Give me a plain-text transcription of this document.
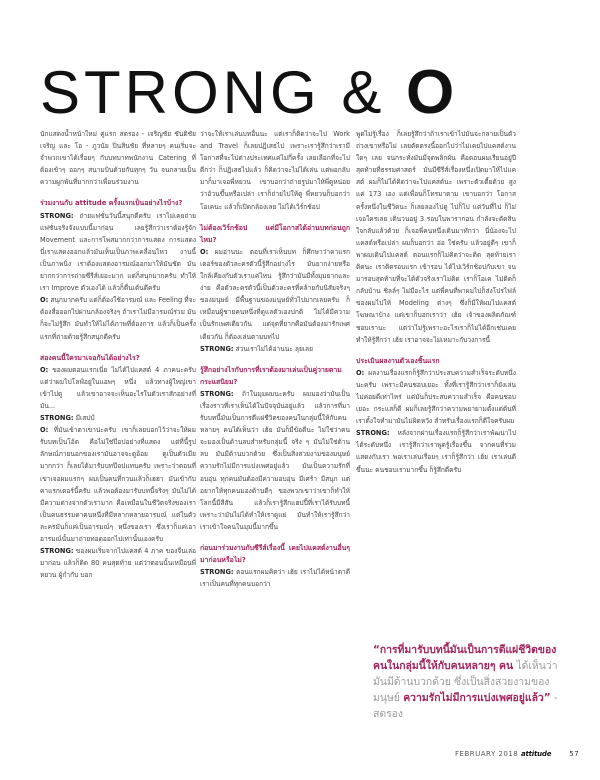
STRONG & O

นักแสดงน้ำหน้าใหม่ คู่แรก สตรอง - เจริญชัย ชันติชัยเจริญ และ โอ - ภูวนัย ปิ่นสินชัย ที่หลายๆ คนเริ่มจะจำพวกเขาได้เรื่อยๆ กับบทบาทพนักงาน Catering ที่ต้องเข้าๆ ออกๆ สนามบินด้วยกันทุกๆ วัน จนกลายเป็นความผูกพันที่มากกว่าเพื่อนร่วมงาน

ร่วมงานกับ attitude ครั้งแรกเป็นอย่างไรบ้าง?

STRONG: ถ่ายแฟชั่นวันนี้สนุกดีครับ เราไม่เคยถ่ายแฟชั่นจริงจังแบบนี้มาก่อน เลยรู้สึกว่าเราต้องรู้จัก Movement และการโพสมากกว่าการแสดง การแสดงนี่เราแสดงออกแล้วมันเห็นเป็นภาพเคลื่อนไหว งานนี้เป็นภาพนิ่ง เราต้องแสดงอารมณ์ออกมาให้มันชัด มันยากกว่าการถ่ายซีรีส์เยอะมาก แต่ก็สนุกมากครับ ทำให้เรา Improve ตัวเองได้ แล้วก็ตื่นเต้นดีครับ

O: สนุกมากครับ แต่ก็ต้องใช้อารมณ์ และ Feeling ที่จะต้องสื่อออกไปผ่านกล้องจริงๆ ถ้าเราไม่มีอารมณ์ร่วม มันก็จะไม่รู้สึก มันทำให้ไม่ได้ภาพที่ต้องการ แล้วก็เป็นครั้งแรกที่ถ่ายด้วยรู้สึกสนุกดีครับ

สองคนนี้ใครมาเจอกันได้อย่างไร?

O: ของผมตอนแรกเนี่ย ไม่ได้ไปแคสต์ 4 ภาคนะครับ แต่ว่าผมไปโลฟ์อยู่ในแอพๆ หนึ่ง แล้วทางผู้ใหญ่เขาเข้าไปดู แล้วเขาอาจจะเห็นอะไรในตัวเราสักอย่างที่มัน...

STRONG: มีเสปป์

O: ที่มันเข้าตาเขาน่ะครับ เขาก็เลยบอกไว้ว่าจะให้ผมรับบทเป็นโอ้ต คือไม่ใช่ป๊อปอย่างที่แสดง แต่ที่นี้รูปลักษณ์ภายนอกของเรามันอาจจะดูอ้อย ดูเป็นตัวเมียมากกว่า ก็เลยได้มารับบทป๊อปแทนครับ เพราะว่าตอนที่เขาเจอผมแรกๆ ผมเป็นคนที่กวนแล้วก็เฮฮา มันเข้ากับคาแรกเตอร์นี้ครับ แล้วพอต้องมารับบทนี้จริงๆ มันไม่ได้มีความต่างจากตัวเรามาก คือเหมือนในชีวิตจริงของเรา เป็นคนธรรมดาคนหนึ่งที่มีหลากหลายอารมณ์ แต่ในตัวละครมันก็แค่เป็นอารมณ์ๆ หนึ่งของเรา ซึ่งเราก็แค่เอาอารมณ์นั้นมาถ่ายทอดออกไปเท่านั้นเองครับ

STRONG: ของผมเริ่มจากไปแคสต์ 4 ภาค ของจีนเล่อมาก่อน แล้วก็ติด 80 คนสุดท้าย แต่ว่าตอนนั้นเหมือนพี่หยวน ผู้กำกับ บอก

ว่าจะให้เราเล่นบทอื่นนะ แต่เราก็ติดว่าจะไป Work and Travel ก็เลยปฏิเสธไป เพราะเรารู้สึกว่าเรามีโอกาสที่จะไปต่างประเทศแค่ไม่กี่ครั้ง เลยเลือกที่จะไปดีกว่า ก็ปฏิเสธไปแล้ว ก็คิดว่าจะไม่ได้เล่น แต่พอกลับมาก็มาเจอพี่หยวน เขาบอกว่าถ่ายรูปมาให้พี่ดูหน่อยว่าอ้วนขึ้นหรือเปล่า เราก็ถ่ายไปให้ดู พี่หยวนก็บอกว่า โอเคนะ แล้วก็เปิดกล้องเลย ไม่ได้เวิร์กช้อป

ไม่ต้องเวิร์กช้อป แต่มีโอกาสได้อ่านบทก่อนถูกไหม?

O: ผมอ่านนะ ตอนที่เราเห็นบท ก็ศึกษาว่าคาแรกเตอร์ของตัวละครตัวนี้รู้สึกอย่างไร มันยากง่ายหรือใกล้เคียงกับตัวเราแค่ไหน รู้สึกว่ามันมีทั้งมุมยากและง่าย คือตัวละครตัวนี้เป็นตัวละครที่คล้ายกับนิสัยจริงๆ ของมนุษย์ มีพื้นฐานของมนุษย์ทั่วไปมากเลยครับ ก็เหมือนผู้ชายคนหนึ่งที่ดูแลตัวเองปกติ ไม่ได้มีความเป็นรักเพศเดียวกัน แต่จุดที่ยากคือมันต้องมารักเพศเดียวกัน ก็ต้องเล่นตามบทไป

STRONG: ส่วนเราไม่ได้อ่านนะ ลุยเลย

รู้สึกอย่างไรกับการที่เราต้องมาเล่นเป็นคู่วายตามกระแสนิยม?

STRONG: ถ้าในมุมผมนะครับ ผมมองว่ามันเป็นเรื่องราวที่เราเห็นได้ในปัจจุบันอยู่แล้ว แล้วการที่มารับบทนี้มันเป็นการตีแผ่ชีวิตของคนในกลุ่มนี้ให้กับคนหลายๆ คนได้เห็นว่า เฮ้ย มันก็มีข้อดีนะ ไม่ใช่ว่าคนจะมองเป็นด้านลบสำหรับกลุ่มนี้ จริง ๆ มันไม่ใช่ด้านลบ มันมีด้านบวกด้วย ซึ่งเป็นสิ่งสวยงามของมนุษย์ ความรักไม่มีการแบ่งเพศอยู่แล้ว มันเป็นความรักที่อบอุ่น ทุกคนมันต้องมีความอบอุ่น มีเศร้า มีสนุก แต่อยากให้ทุกคนมองด้านดีๆ ของพวกเขาว่าเขาก็ทำให้โลกนี้มีสีสัน แล้วก็เรารู้สึกแฮปปี้ที่เราได้รับบทนี้ เพราะว่ามันไม่ได้ทำให้เราดูแย่ มันทำให้เรารู้สึกว่าเราเข้าใจคนในมุมนี้มากขึ้น

ก่อนมาร่วมงานกับซีรีส์เรื่องนี้ เคยไปแคสต์งานอื่นๆ มาก่อนหรือไม่?

STRONG: ตอนแรกผมคิดว่า เฮ้ย เราไม่ได้หน้าตาดี เราเป็นคนที่ทุกคนบอกว่า

พูดไม่รู้เรื่อง ก็เลยรู้สึกว่าถ้าเราเข้าไปมันจะกลายเป็นตัวถ่วงเขาหรือไม่ เลยตัดตรงนี้ออกไปว่าไม่เคยไปแคสต์งานใดๆ เลย จนกระทั่งมันมีจุดพลิกผัน คือตอนผมเรียนอยู่ปีสุดท้ายที่ธรรมศาสตร์ มันมีซีรีส์เรื่องหนึ่งเปิดมาให้ไปแคสต์ ผมก็ไม่ได้คิดว่าจะไปแคสต์นะ เพราะตัวเตี้ยด้วย สูงแค่ 173 เอง แต่เพื่อนก็โทรมาตาม เขาบอกว่า โอกาสครั้งหนึ่งในชีวิตนะ ก็เลยลองไปดู ไปก็ไป แต่วันที่ไป ก็ไม่เจอใครเลย เดินวนอยู่ 3 รอบในพารากอน กำลังจะตัดสินใจกลับแล้วด้วย ก็เจอพี่คนหนึ่งเดินมาทักว่า นี่น้องจะไปแคสต์หรือเปล่า ผมก็บอกว่า อ่อ ใช่ครับ แล้วอยู่ดีๆ เขาก็พาผมเดินไปแคสต์ ตอนแรกก็ไม่คิดว่าจะติด สุดท้ายเราติดนะ เราติดรอบแรก เข้ารอบ ได้ไปเวิร์กช้อปกับเขา จนมารอบสุดท้ายที่จะได้ตัวจริงเราไม่ติด เราก็โอเค ไม่ติดก็กลับบ้าน ชิลล์ๆ ไม่มีอะไร แต่พี่คนที่พาผมไปก็ส่งโปรไฟล์ของผมไปให้ Modeling ต่างๆ ซึ่งก็มีให้ผมไปแคสต์โฆษณาบ้าง แต่เขาก็บอกเราว่า เฮ้ย เจ้าของผลิตภัณฑ์ชอบเรานะ แต่ว่าไม่รู้เพราะอะไรเราก็ไม่ได้อีกเช่นเคย ทำให้รู้สึกว่า เฮ้ย เราอาจจะไม่เหมาะกับวงการนี้

ประเมินผลงานตัวเองชิ้นแรก

O: ผลงานเรื่องแรกก็รู้สึกว่าประสบความสำเร็จระดับหนึ่งนะครับ เพราะมีคนชอบเยอะ ทั้งที่เรารู้สึกว่าเราก็ยังเล่นไม่ค่อยดีเท่าไหร่ แต่มันก็ประสบความสำเร็จ คือคนชอบเยอะ กระแสก็ดี ผมก็เลยรู้สึกว่าความพยายามตั้งแต่ต้นที่เราตั้งใจทำมามันไม่ผิดหวัง สำหรับเรื่องแรกก็ดีใจครับผม

STRONG: หลังจากผ่านเรื่องแรกก็รู้สึกว่าเราพัฒนาไปได้ระดับหนึ่ง เรารู้สึกว่าเราพูดรู้เรื่องขึ้น จากคนที่ร่วมแสดงกับเรา พอเราเล่นเรื่อยๆ เราก็รู้สึกว่า เฮ้ย เราเล่นดีขึ้นนะ คนชอบเรามากขึ้น ก็รู้สึกดีครับ

“การที่มารับบทนี้มันเป็นการตีแผ่ชีวิตของคนในกลุ่มนี้ให้กับคนหลายๆ คน ได้เห็นว่า มันมีด้านบวกด้วย ซึ่งเป็นสิ่งสวยงามของมนุษย์ ความรักไม่มีการแบ่งเพศอยู่แล้ว” - สตรอง
FEBRUARY 2018 attitude	57
